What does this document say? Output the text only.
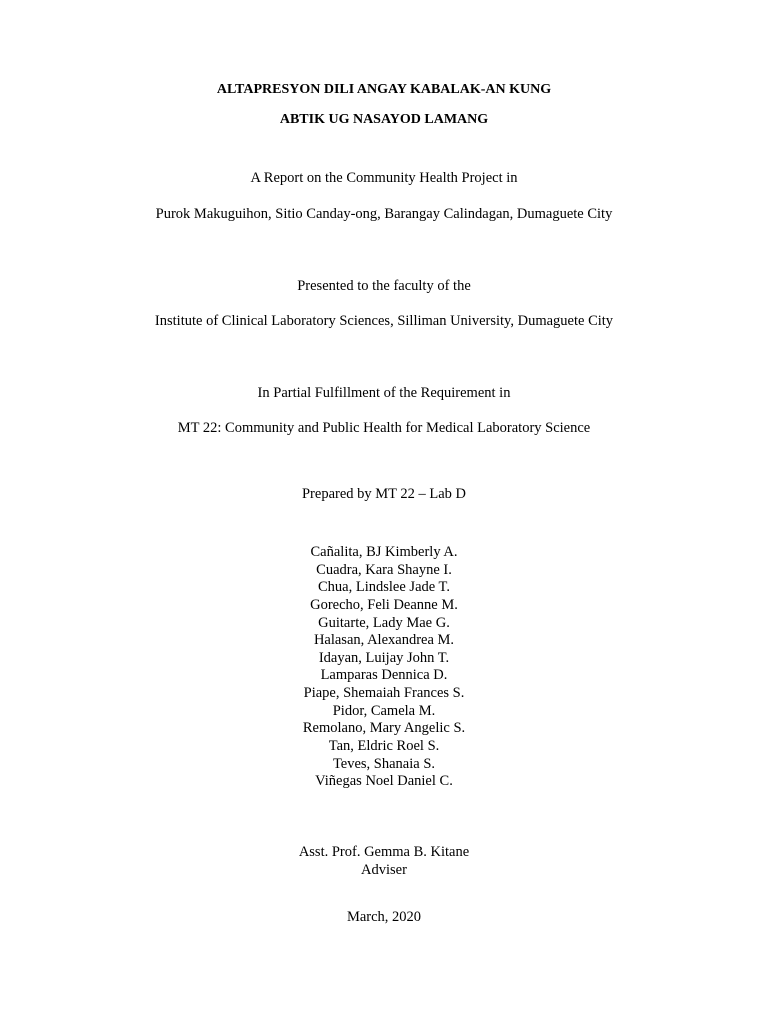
ALTAPRESYON DILI ANGAY KABALAK-AN KUNG
ABTIK UG NASAYOD LAMANG
A Report on the Community Health Project in
Purok Makuguihon, Sitio Canday-ong, Barangay Calindagan, Dumaguete City
Presented to the faculty of the
Institute of Clinical Laboratory Sciences, Silliman University, Dumaguete City
In Partial Fulfillment of the Requirement in
MT 22: Community and Public Health for Medical Laboratory Science
Prepared by MT 22 – Lab D
Cañalita, BJ Kimberly A.
Cuadra, Kara Shayne I.
Chua, Lindslee Jade T.
Gorecho, Feli Deanne M.
Guitarte, Lady Mae G.
Halasan, Alexandrea M.
Idayan, Luijay John T.
Lamparas Dennica D.
Piape, Shemaiah Frances S.
Pidor, Camela M.
Remolano, Mary Angelic S.
Tan, Eldric Roel S.
Teves, Shanaia S.
Viñegas Noel Daniel C.
Asst. Prof. Gemma B. Kitane
Adviser
March, 2020
